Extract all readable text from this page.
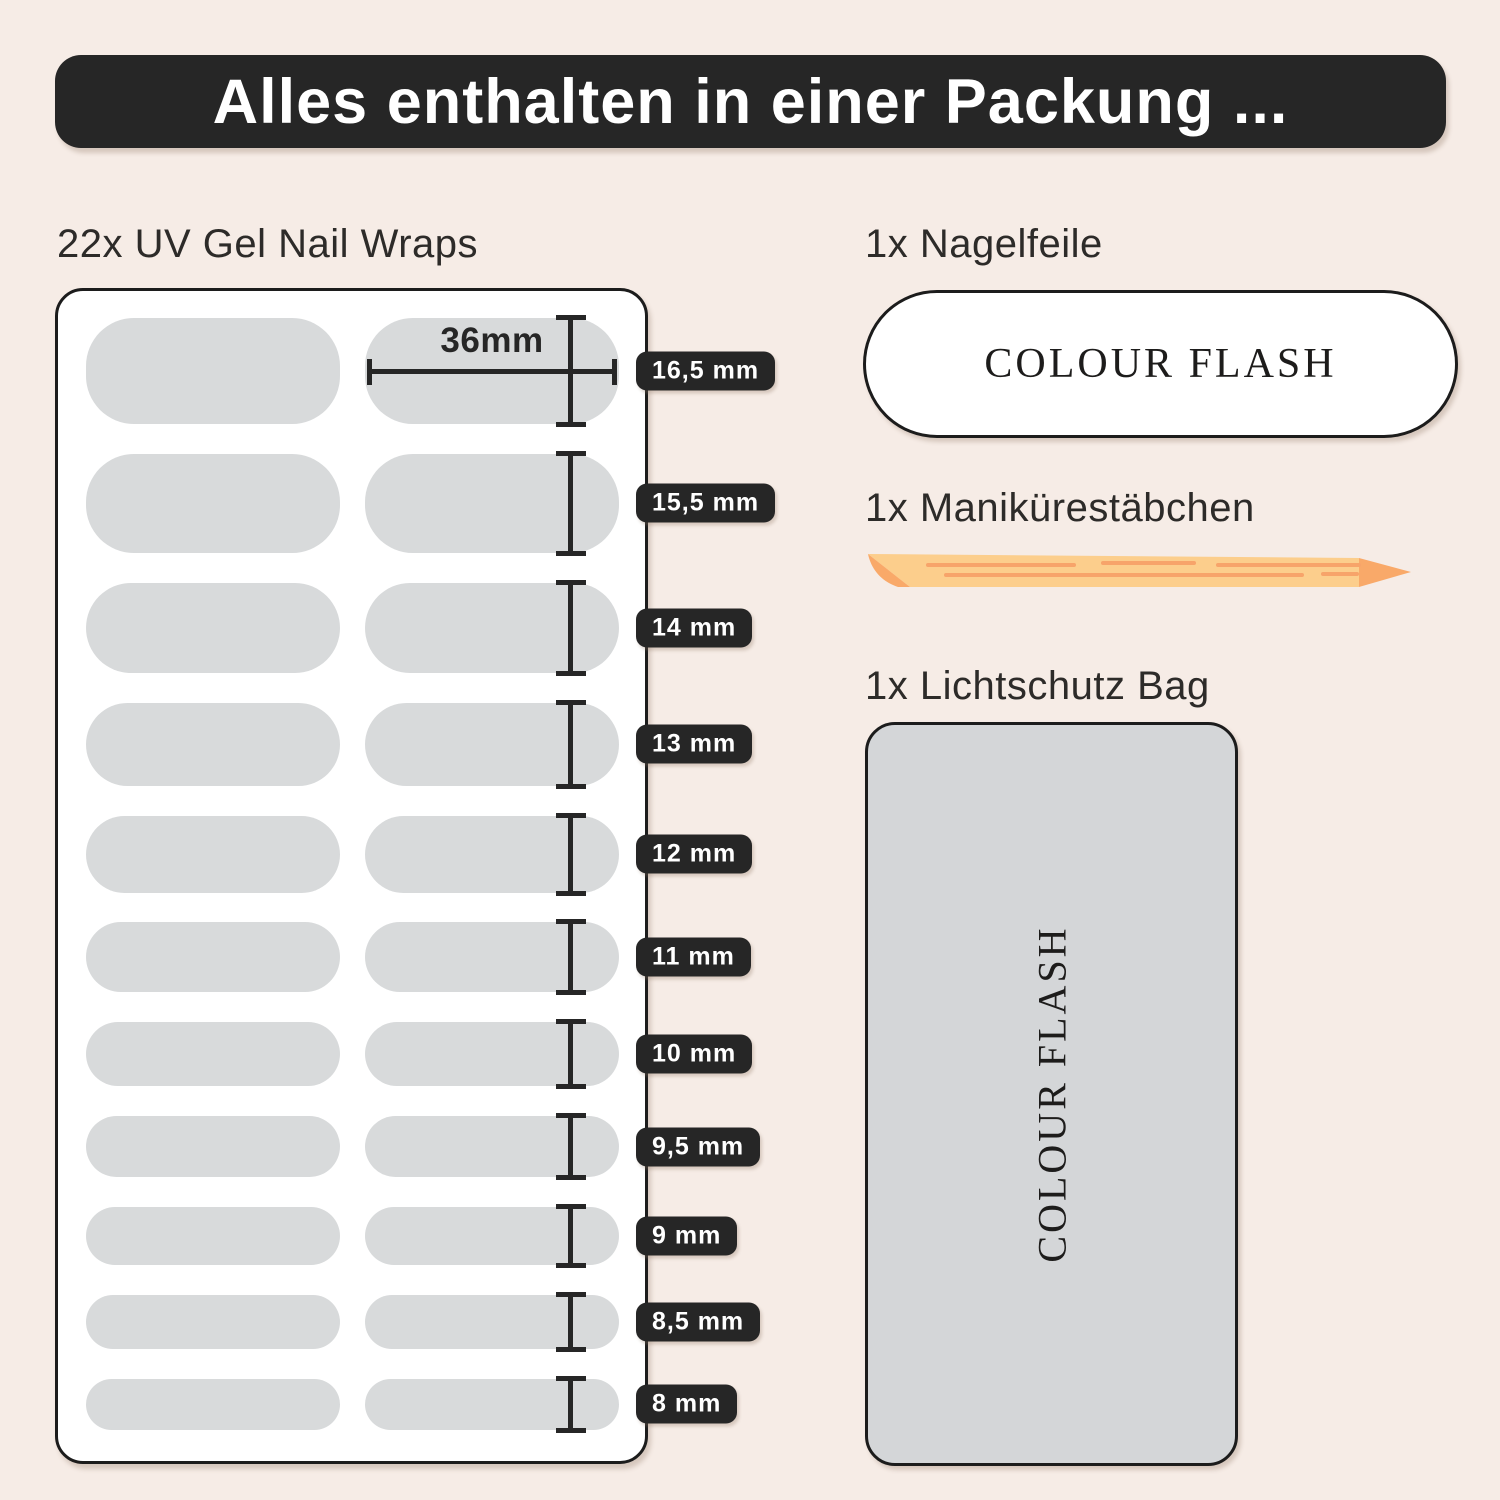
Alles enthalten in einer Packung ...
22x UV Gel Nail Wraps
36mm
16,5 mm
15,5 mm
14 mm
13 mm
12 mm
11 mm
10 mm
9,5 mm
9 mm
8,5 mm
8 mm
1x Nagelfeile
COLOUR FLASH
1x Manikürestäbchen
1x Lichtschutz Bag
COLOUR FLASH
